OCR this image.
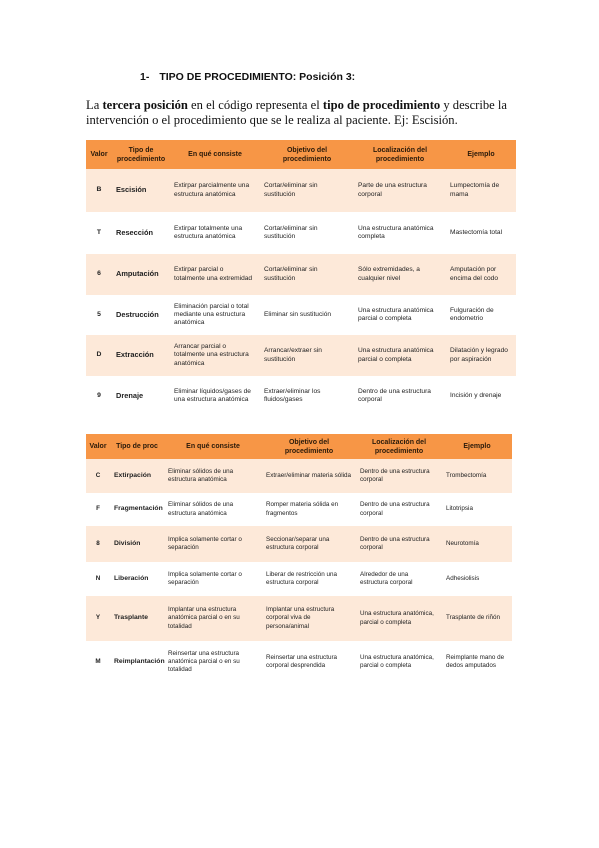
1- TIPO DE PROCEDIMIENTO: Posición 3:

La tercera posición en el código representa el tipo de procedimiento y describe la intervención o el procedimiento que se le realiza al paciente. Ej: Escisión.

Valor	Tipo de procedimiento	En qué consiste	Objetivo del procedimiento	Localización del procedimiento	Ejemplo
B	Escisión	Extirpar parcialmente una estructura anatómica	Cortar/eliminar sin sustitución	Parte de una estructura corporal	Lumpectomía de mama
T	Resección	Extirpar totalmente una estructura anatómica	Cortar/eliminar sin sustitución	Una estructura anatómica completa	Mastectomía total
6	Amputación	Extirpar parcial o totalmente una extremidad	Cortar/eliminar sin sustitución	Sólo extremidades, a cualquier nivel	Amputación por encima del codo
5	Destrucción	Eliminación parcial o total mediante una estructura anatómica	Eliminar sin sustitución	Una estructura anatómica parcial o completa	Fulguración de endometrio
D	Extracción	Arrancar parcial o totalmente una estructura anatómica	Arrancar/extraer sin sustitución	Una estructura anatómica parcial o completa	Dilatación y legrado por aspiración
9	Drenaje	Eliminar líquidos/gases de una estructura anatómica	Extraer/eliminar los fluidos/gases	Dentro de una estructura corporal	Incisión y drenaje
Valor	Tipo de proc	En qué consiste	Objetivo del procedimiento	Localización del procedimiento	Ejemplo
C	Extirpación	Eliminar sólidos de una estructura anatómica	Extraer/eliminar materia sólida	Dentro de una estructura corporal	Trombectomía
F	Fragmentación	Eliminar sólidos de una estructura anatómica	Romper materia sólida en fragmentos	Dentro de una estructura corporal	Litotripsia
8	División	Implica solamente cortar o separación	Seccionar/separar una estructura corporal	Dentro de una estructura corporal	Neurotomía
N	Liberación	Implica solamente cortar o separación	Liberar de restricción una estructura corporal	Alrededor de una estructura corporal	Adhesiolisis
Y	Trasplante	Implantar una estructura anatómica parcial o en su totalidad	Implantar una estructura corporal viva de persona/animal	Una estructura anatómica, parcial o completa	Trasplante de riñón
M	Reimplantación	Reinsertar una estructura anatómica parcial o en su totalidad	Reinsertar una estructura corporal desprendida	Una estructura anatómica, parcial o completa	Reimplante mano de dedos amputados
